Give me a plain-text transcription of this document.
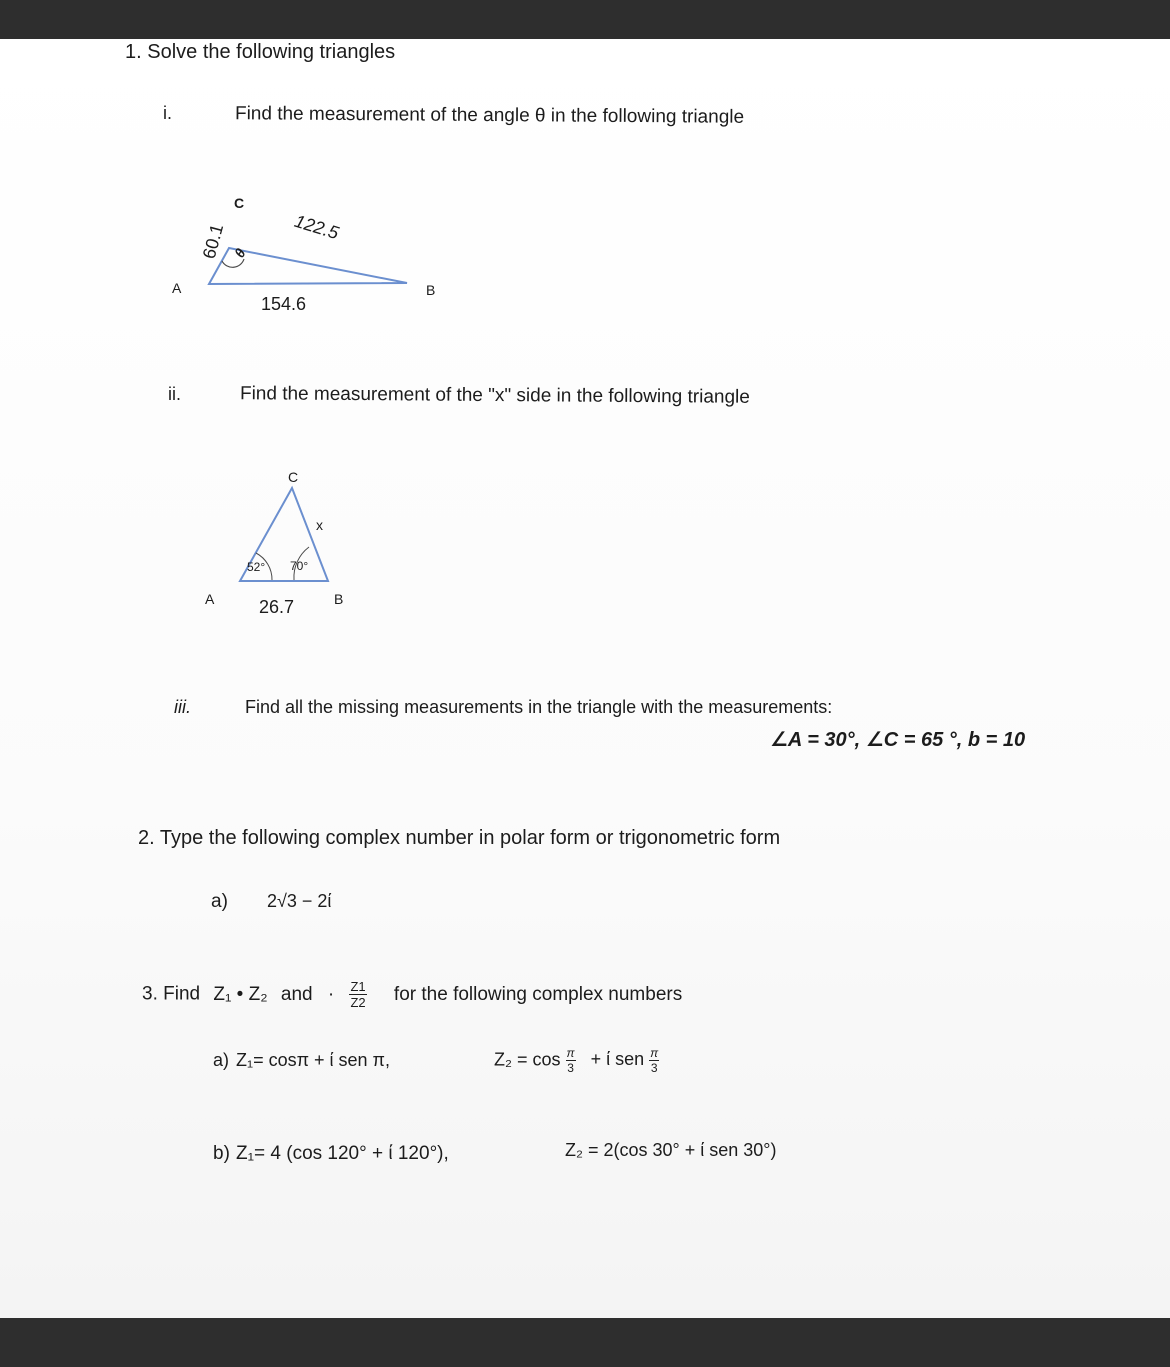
1. Solve the following triangles
i.	Find the measurement of the angle θ in the following triangle
A	B
C
60.1	122.5
154.6
θ
ii.	Find the measurement of the "x" side in the following triangle
C
A	B
x
52° 70°
26.7
iii.	Find all the missing measurements in the triangle with the measurements:
∠A = 30°, ∠C = 65 °, b = 10
2. Type the following complex number in polar form or trigonometric form
a) 2√3 − 2ί
3. Find Z₁ • Z₂ and · $\frac{Z1}{Z2}$ for the following complex numbers
a) Z₁= cosπ + ί sen π,	$Z_2 = \cos \frac{\pi}{3} + ί$ sen $\frac{\pi}{3}$
b) Z₁= 4 (cos 120° + ί 120°),	Z₂ = 2(cos 30° + ί sen 30°)
